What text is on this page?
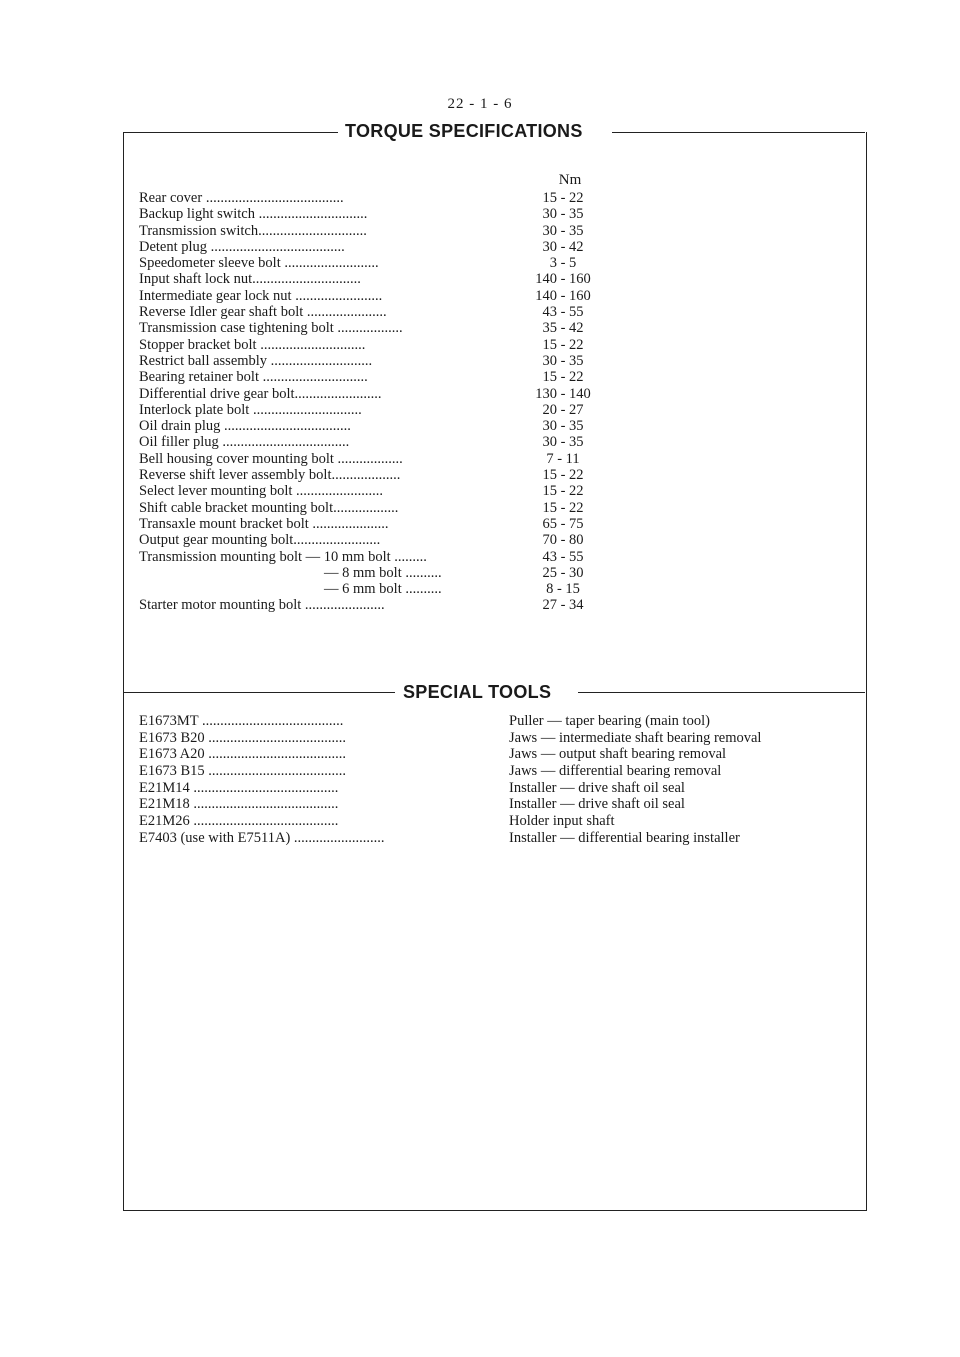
22 - 1 - 6
TORQUE SPECIFICATIONS
Nm
Rear cover ......................................	15 - 22
Backup light switch ..............................	30 - 35
Transmission switch..............................	30 - 35
Detent plug .....................................	30 - 42
Speedometer sleeve bolt ..........................	3 - 5
Input shaft lock nut..............................	140 - 160
Intermediate gear lock nut ........................	140 - 160
Reverse Idler gear shaft bolt ......................	43 - 55
Transmission case tightening bolt ..................	35 - 42
Stopper bracket bolt .............................	15 - 22
Restrict ball assembly ............................	30 - 35
Bearing retainer bolt .............................	15 - 22
Differential drive gear bolt........................	130 - 140
Interlock plate bolt ..............................	20 - 27
Oil drain plug ...................................	30 - 35
Oil filler plug ...................................	30 - 35
Bell housing cover mounting bolt ..................	7 - 11
Reverse shift lever assembly bolt...................	15 - 22
Select lever mounting bolt ........................	15 - 22
Shift cable bracket mounting bolt..................	15 - 22
Transaxle mount bracket bolt .....................	65 - 75
Output gear mounting bolt........................	70 - 80
Transmission mounting bolt — 10 mm bolt .........	43 - 55
— 8 mm bolt ..........	25 - 30
— 6 mm bolt ..........	8 - 15
Starter motor mounting bolt ......................	27 - 34
SPECIAL TOOLS
E1673MT .......................................	Puller — taper bearing (main tool)
E1673 B20 ......................................	Jaws — intermediate shaft bearing removal
E1673 A20 ......................................	Jaws — output shaft bearing removal
E1673 B15 ......................................	Jaws — differential bearing removal
E21M14 ........................................	Installer — drive shaft oil seal
E21M18 ........................................	Installer — drive shaft oil seal
E21M26 ........................................	Holder input shaft
E7403 (use with E7511A) .........................	Installer — differential bearing installer
